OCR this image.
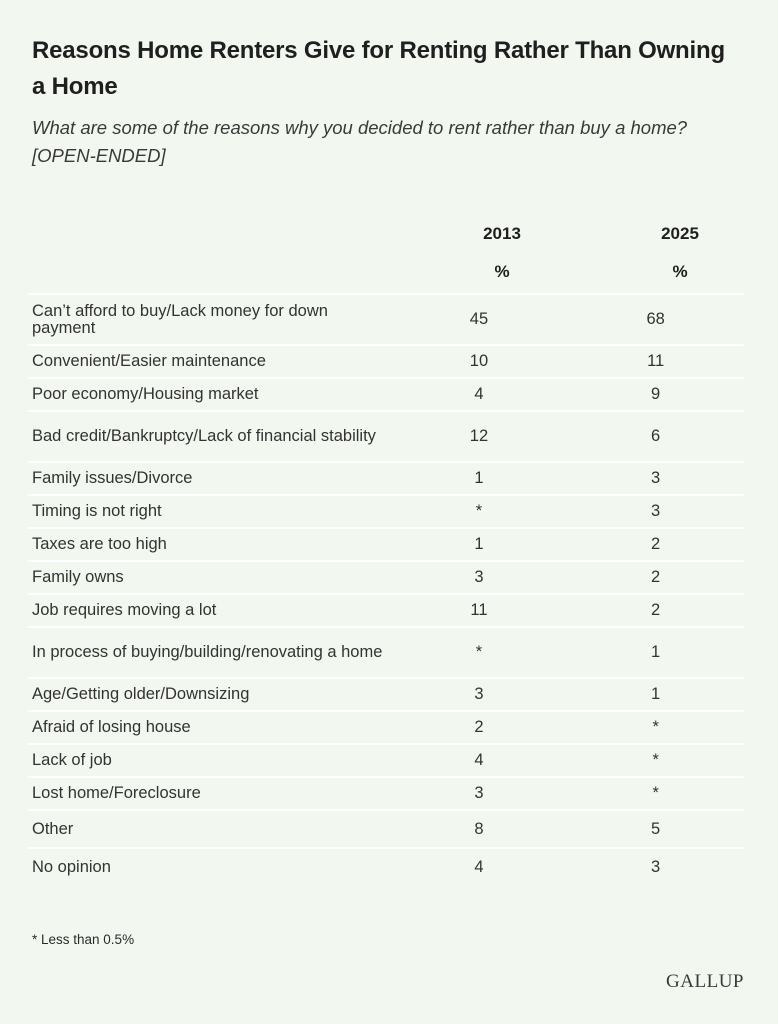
Reasons Home Renters Give for Renting Rather Than Owning a Home
What are some of the reasons why you decided to rent rather than buy a home? [OPEN-ENDED]
2013	2025
%	%
Can’t afford to buy/Lack money for down payment	45	68
Convenient/Easier maintenance	10	11
Poor economy/Housing market	4	9
Bad credit/Bankruptcy/Lack of financial stability	12	6
Family issues/Divorce	1	3
Timing is not right	*	3
Taxes are too high	1	2
Family owns	3	2
Job requires moving a lot	11	2
In process of buying/building/renovating a home	*	1
Age/Getting older/Downsizing	3	1
Afraid of losing house	2	*
Lack of job	4	*
Lost home/Foreclosure	3	*
Other	8	5
No opinion	4	3
* Less than 0.5%
GALLUP
